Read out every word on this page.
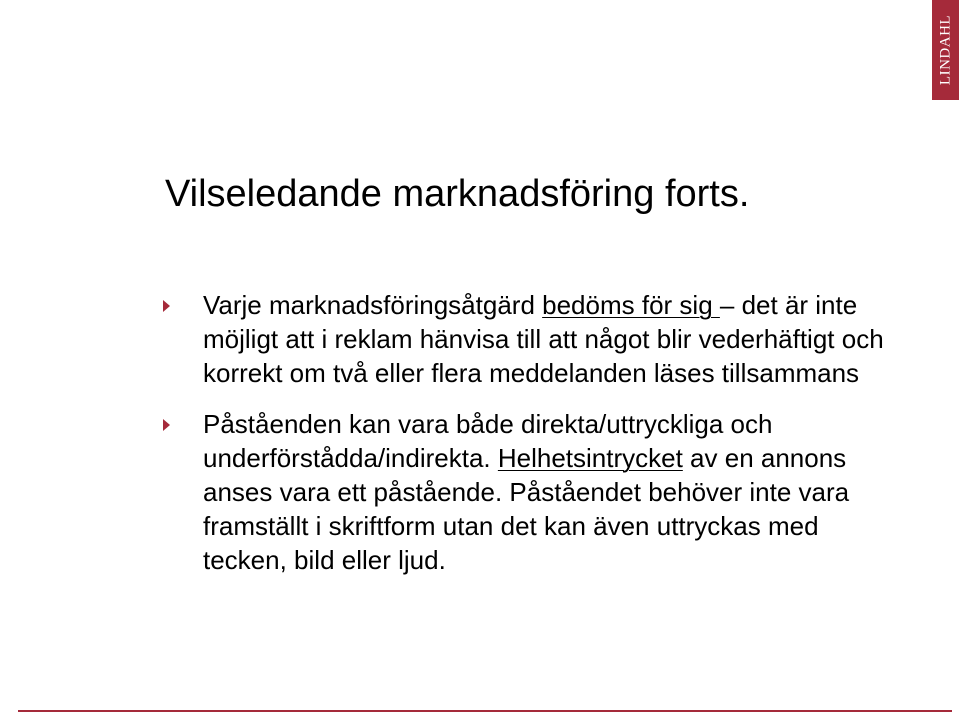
LINDAHL
Vilseledande marknadsföring forts.
Varje marknadsföringsåtgärd bedöms för sig – det är inte möjligt att i reklam hänvisa till att något blir vederhäftigt och korrekt om två eller flera meddelanden läses tillsammans
Påståenden kan vara både direkta/uttryckliga och underförstådda/indirekta. Helhetsintrycket av en annons anses vara ett påstående. Påståendet behöver inte vara framställt i skriftform utan det kan även uttryckas med tecken, bild eller ljud.
